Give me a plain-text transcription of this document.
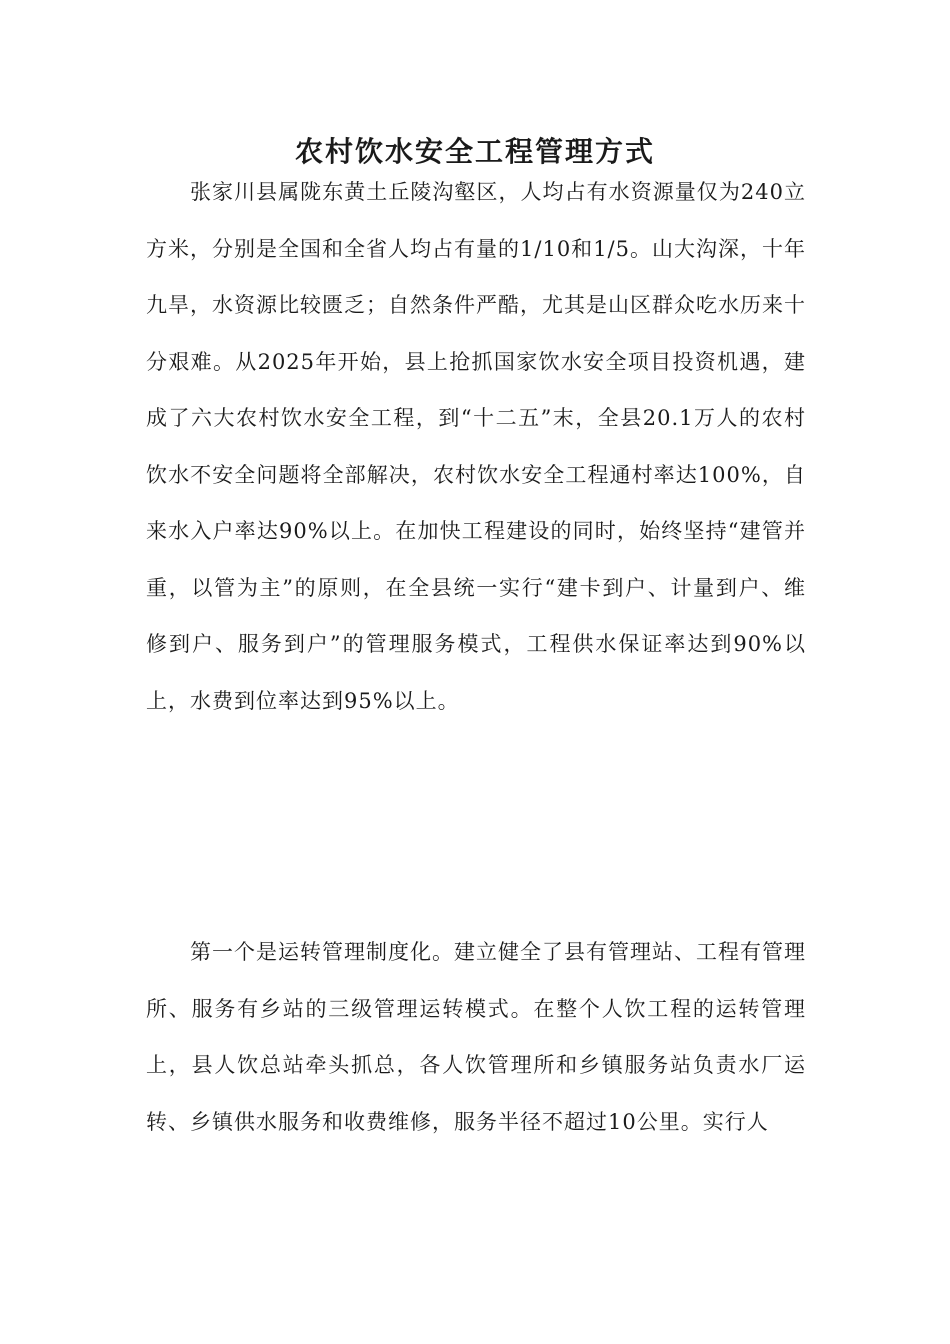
农村饮水安全工程管理方式

张家川县属陇东黄土丘陵沟壑区，人均占有水资源量仅为240立方米，分别是全国和全省人均占有量的1/10和1/5。山大沟深，十年九旱，水资源比较匮乏；自然条件严酷，尤其是山区群众吃水历来十分艰难。从2025年开始，县上抢抓国家饮水安全项目投资机遇，建成了六大农村饮水安全工程，到“十二五”末，全县20.1万人的农村饮水不安全问题将全部解决，农村饮水安全工程通村率达100%，自来水入户率达90%以上。在加快工程建设的同时，始终坚持“建管并重，以管为主”的原则，在全县统一实行“建卡到户、计量到户、维修到户、服务到户”的管理服务模式，工程供水保证率达到90%以上，水费到位率达到95%以上。

第一个是运转管理制度化。建立健全了县有管理站、工程有管理所、服务有乡站的三级管理运转模式。在整个人饮工程的运转管理上，县人饮总站牵头抓总，各人饮管理所和乡镇服务站负责水厂运转、乡镇供水服务和收费维修，服务半径不超过10公里。实行人
